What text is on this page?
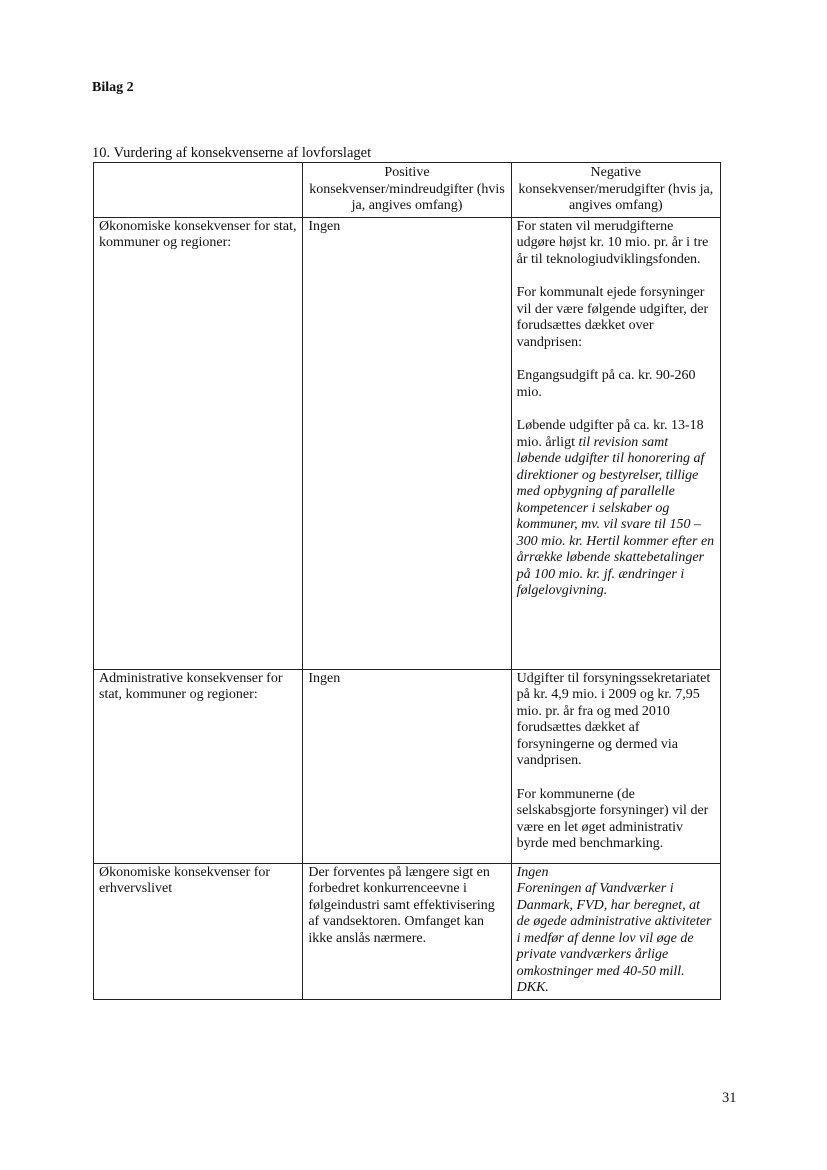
Bilag 2
10. Vurdering af konsekvenserne af lovforslaget
	Positive konsekvenser/mindreudgifter (hvis ja, angives omfang)	Negative konsekvenser/merudgifter (hvis ja, angives omfang)
Økonomiske konsekvenser for stat, kommuner og regioner:	Ingen	For staten vil merudgifterne udgøre højst kr. 10 mio. pr. år i tre år til teknologiudviklingsfonden.

For kommunalt ejede forsyninger vil der være følgende udgifter, der forudsættes dækket over vandprisen:

Engangsudgift på ca. kr. 90-260 mio.

Løbende udgifter på ca. kr. 13-18 mio. årligt til revision samt løbende udgifter til honorering af direktioner og bestyrelser, tillige med opbygning af parallelle kompetencer i selskaber og kommuner, mv. vil svare til 150 – 300 mio. kr. Hertil kommer efter en årrække løbende skattebetalinger på 100 mio. kr. jf. ændringer i følgelovgivning.

Administrative konsekvenser for stat, kommuner og regioner:	Ingen	Udgifter til forsyningssekretariatet på kr. 4,9 mio. i 2009 og kr. 7,95 mio. pr. år fra og med 2010 forudsættes dækket af forsyningerne og dermed via vandprisen.

For kommunerne (de selskabsgjorte forsyninger) vil der være en let øget administrativ byrde med benchmarking.

Økonomiske konsekvenser for erhvervslivet	Der forventes på længere sigt en forbedret konkurrenceevne i følgeindustri samt effektivisering af vandsektoren. Omfanget kan ikke anslås nærmere.	Ingen
Foreningen af Vandværker i Danmark, FVD, har beregnet, at de øgede administrative aktiviteter i medfør af denne lov vil øge de private vandværkers årlige omkostninger med 40-50 mill. DKK.
31
